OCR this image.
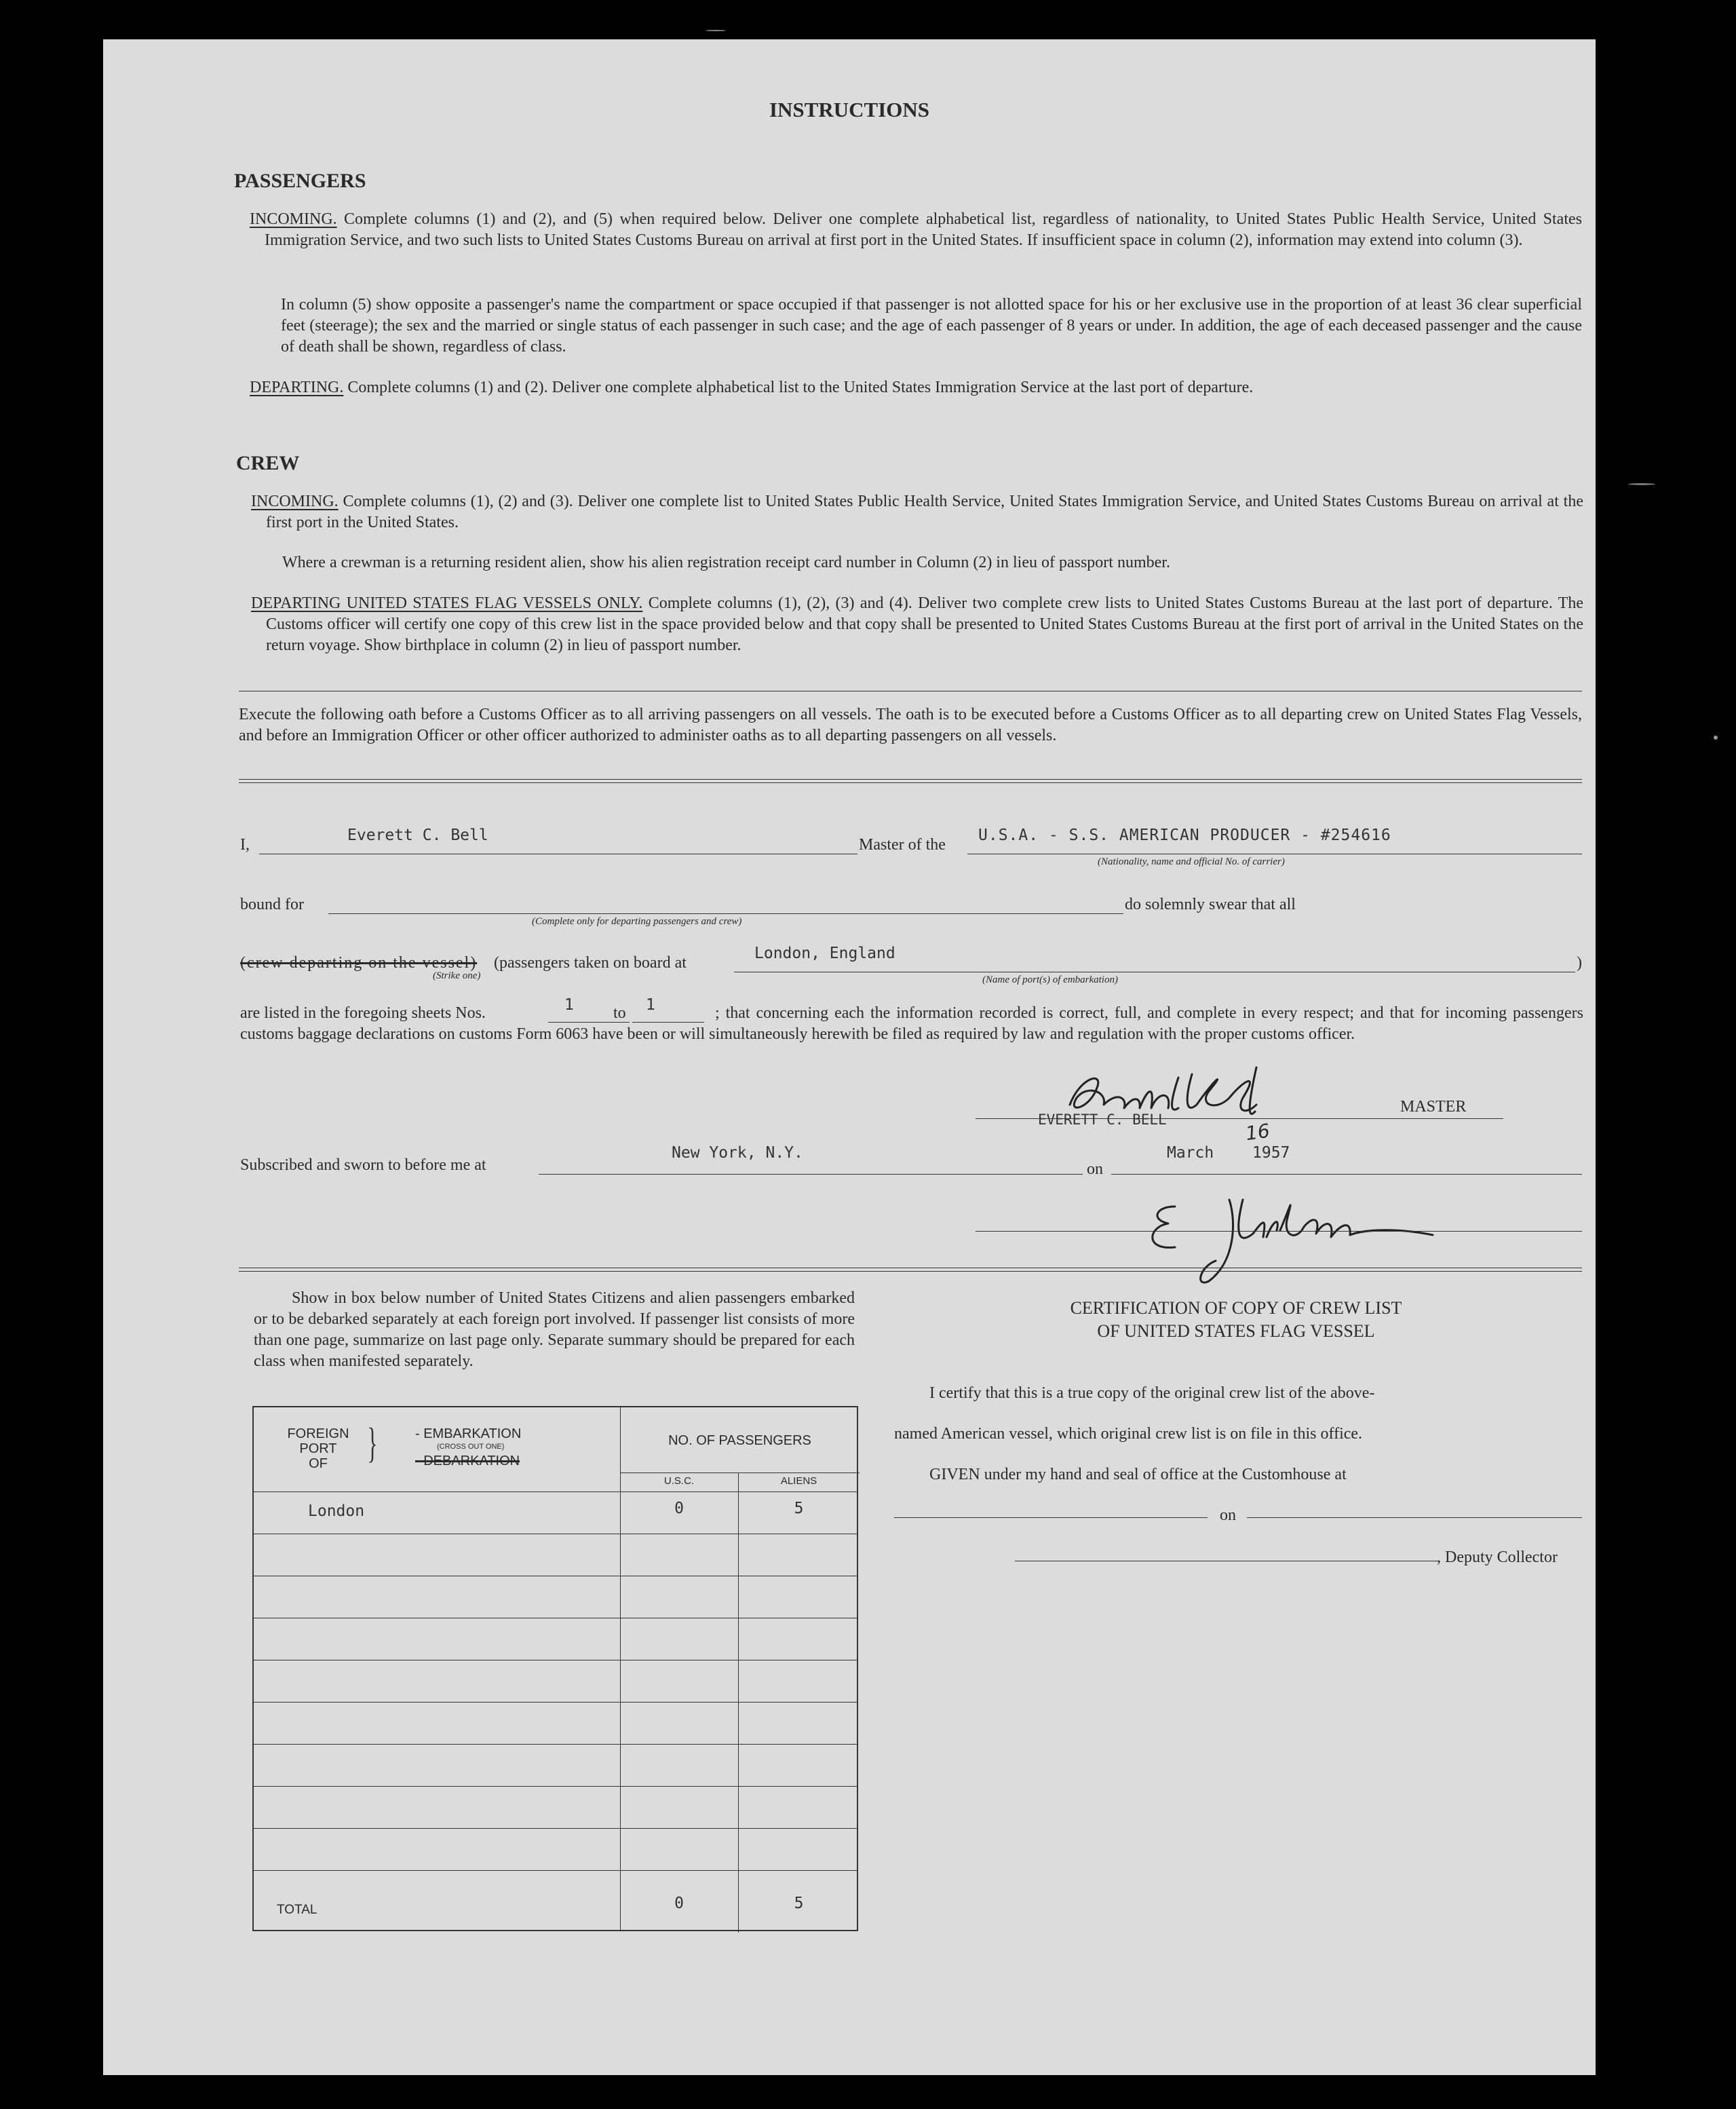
INSTRUCTIONS
PASSENGERS
INCOMING. Complete columns (1) and (2), and (5) when required below. Deliver one complete alphabetical list, regardless of nationality, to United States Public Health Service, United States Immigration Service, and two such lists to United States Customs Bureau on arrival at first port in the United States. If insufficient space in column (2), information may extend into column (3).
In column (5) show opposite a passenger's name the compartment or space occupied if that passenger is not allotted space for his or her exclusive use in the proportion of at least 36 clear superficial feet (steerage); the sex and the married or single status of each passenger in such case; and the age of each passenger of 8 years or under. In addition, the age of each deceased passenger and the cause of death shall be shown, regardless of class.
DEPARTING. Complete columns (1) and (2). Deliver one complete alphabetical list to the United States Immigration Service at the last port of departure.
CREW
INCOMING. Complete columns (1), (2) and (3). Deliver one complete list to United States Public Health Service, United States Immigration Service, and United States Customs Bureau on arrival at the first port in the United States.
Where a crewman is a returning resident alien, show his alien registration receipt card number in Column (2) in lieu of passport number.
DEPARTING UNITED STATES FLAG VESSELS ONLY. Complete columns (1), (2), (3) and (4). Deliver two complete crew lists to United States Customs Bureau at the last port of departure. The Customs officer will certify one copy of this crew list in the space provided below and that copy shall be presented to United States Customs Bureau at the first port of arrival in the United States on the return voyage. Show birthplace in column (2) in lieu of passport number.
Execute the following oath before a Customs Officer as to all arriving passengers on all vessels. The oath is to be executed before a Customs Officer as to all departing crew on United States Flag Vessels, and before an Immigration Officer or other officer authorized to administer oaths as to all departing passengers on all vessels.
I,
Everett C. Bell
Master of the
U.S.A. - S.S. AMERICAN PRODUCER - #254616
(Nationality, name and official No. of carrier)
bound for
(Complete only for departing passengers and crew)
do solemnly swear that all
(crew departing on the vessel)
(Strike one)
(passengers taken on board at
London, England
(Name of port(s) of embarkation)
)
are listed in the foregoing sheets Nos.	1 to 1	; that concerning each the information recorded is correct, full, and complete in every respect; and that for incoming passengers customs baggage declarations on customs Form 6063 have been or will simultaneously herewith be filed as required by law and regulation with the proper customs officer.
EVERETT C. BELL
MASTER
Subscribed and sworn to before me at
New York, N.Y.
on
March
16
1957
Show in box below number of United States Citizens and alien passengers embarked or to be debarked separately at each foreign port involved. If passenger list consists of more than one page, summarize on last page only. Separate summary should be prepared for each class when manifested separately.
FOREIGN
PORT
OF }	- EMBARKATION
(CROSS OUT ONE)
- DEBARKATION
NO. OF PASSENGERS
U.S.C.	ALIENS
London	0	5
TOTAL	0	5
CERTIFICATION OF COPY OF CREW LIST
OF UNITED STATES FLAG VESSEL
I certify that this is a true copy of the original crew list of the above-
named American vessel, which original crew list is on file in this office.
GIVEN under my hand and seal of office at the Customhouse at
on
, Deputy Collector
